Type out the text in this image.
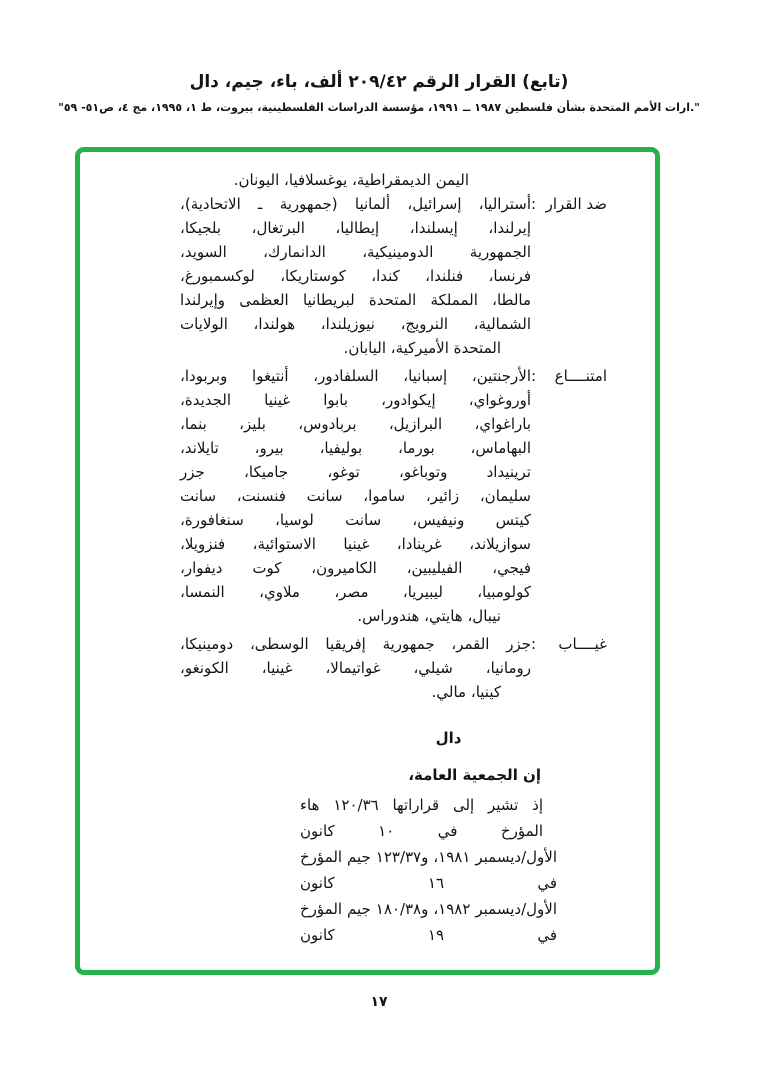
(تابع) القرار الرقم ٢٠٩/٤٢ ألف، باء، جيم، دال
".ارات الأمم المتحدة بشأن فلسطين ١٩٨٧ ــ ١٩٩١، مؤسسة الدراسات الفلسطينية، بيروت، ط ١، ١٩٩٥، مج ٤، ص٥١- ٥٩"
اليمن الديمقراطية، يوغسلافيا، اليونان.
ضد القرار
:
أستراليا، إسرائيل، ألمانيا (جمهورية ـ الاتحادية)،
إيرلندا، إيسلندا، إيطاليا، البرتغال، بلجيكا،
الجمهورية الدومينيكية، الدانمارك، السويد،
فرنسا، فنلندا، كندا، كوستاريكا، لوكسمبورغ،
مالطا، المملكة المتحدة لبريطانيا العظمى وإيرلندا
الشمالية، النرويج، نيوزيلندا، هولندا، الولايات
المتحدة الأميركية، اليابان.
امتنــــاع
:
الأرجنتين، إسبانيا، السلفادور، أنتيغوا وبربودا،
أوروغواي، إيكوادور، بابوا غينيا الجديدة،
باراغواي، البرازيل، بربادوس، بليز، بنما،
البهاماس، بورما، بوليفيا، بيرو، تايلاند،
ترينيداد وتوباغو، توغو، جاميكا، جزر
سليمان، زائير، ساموا، سانت فنسنت، سانت
كيتس ونيفيس، سانت لوسيا، سنغافورة،
سوازيلاند، غرينادا، غينيا الاستوائية، فنزويلا،
فيجي، الفيليبين، الكاميرون، كوت ديفوار،
كولومبيا، ليبيريا، مصر، ملاوي، النمسا،
نيبال، هايتي، هندوراس.
غيــــاب
:
جزر القمر، جمهورية إفريقيا الوسطى، دومينيكا،
رومانيا، شيلي، غواتيمالا، غينيا، الكونغو،
كينيا، مالي.
دال
إن الجمعية العامة،
إذ تشير إلى قراراتها ١٢٠/٣٦ هاء المؤرخ في ١٠ كانون
الأول/ديسمبر ١٩٨١، و١٢٣/٣٧ جيم المؤرخ في ١٦ كانون
الأول/ديسمبر ١٩٨٢، و١٨٠/٣٨ جيم المؤرخ في ١٩ كانون
١٧
